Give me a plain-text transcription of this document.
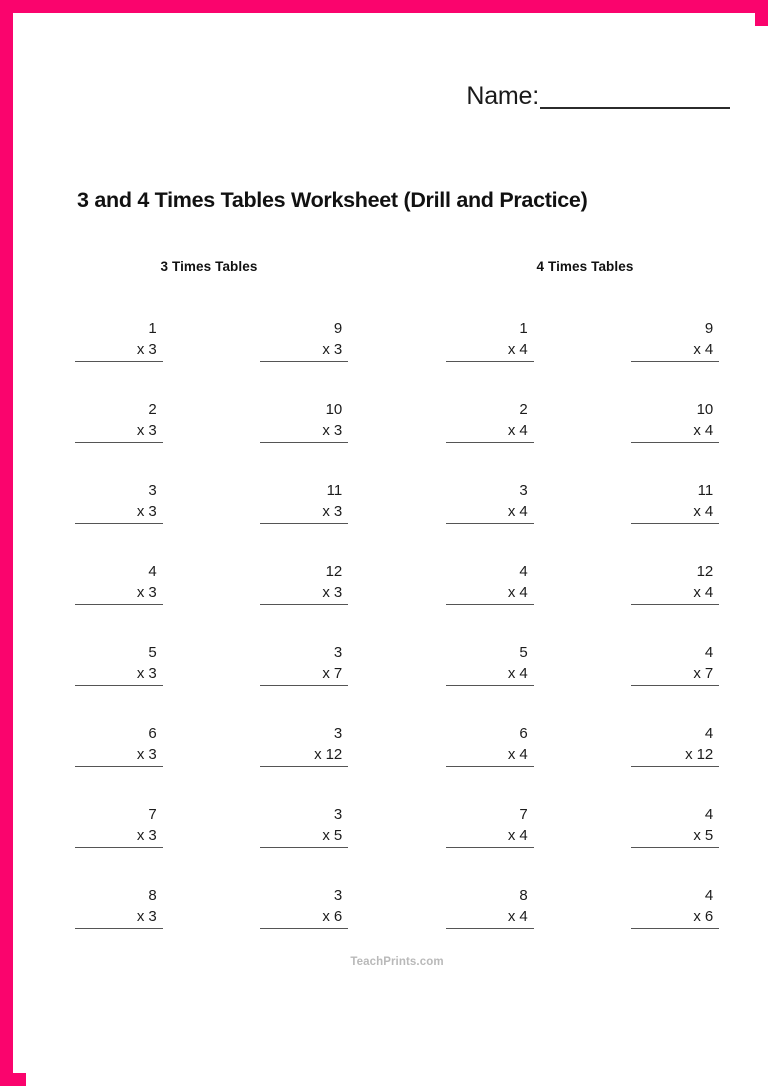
Name:
3 and 4 Times Tables Worksheet (Drill and Practice)
3 Times Tables	4 Times Tables
1
x 3
9
x 3
1
x 4
9
x 4
2
x 3
10
x 3
2
x 4
10
x 4
3
x 3
11
x 3
3
x 4
11
x 4
4
x 3
12
x 3
4
x 4
12
x 4
5
x 3
3
x 7
5
x 4
4
x 7
6
x 3
3
x 12
6
x 4
4
x 12
7
x 3
3
x 5
7
x 4
4
x 5
8
x 3
3
x 6
8
x 4
4
x 6
TeachPrints.com
